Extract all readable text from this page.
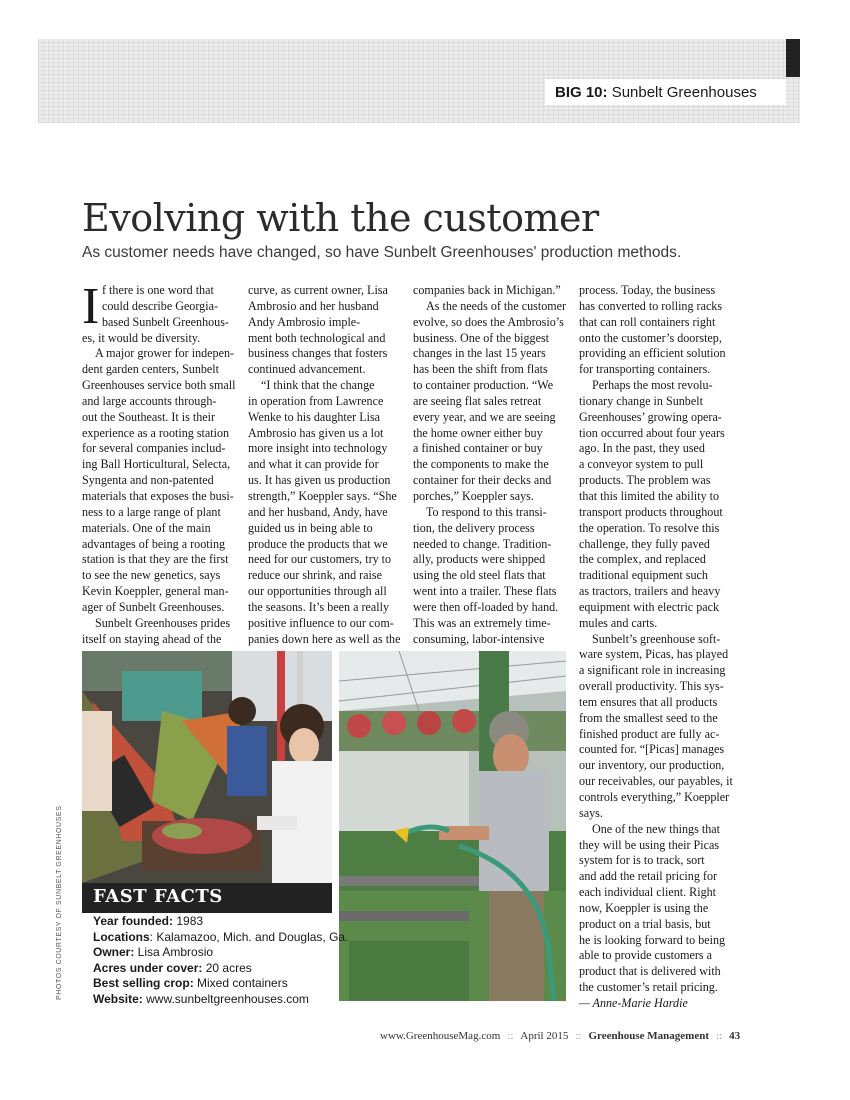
BIG 10: Sunbelt Greenhouses
Evolving with the customer
As customer needs have changed, so have Sunbelt Greenhouses' production methods.
I f there is one word that
could describe Georgia-
based Sunbelt Greenhous-
es, it would be diversity.
A major grower for indepen-
dent garden centers, Sunbelt
Greenhouses service both small
and large accounts through-
out the Southeast. It is their
experience as a rooting station
for several companies includ-
ing Ball Horticultural, Selecta,
Syngenta and non-patented
materials that exposes the busi-
ness to a large range of plant
materials. One of the main
advantages of being a rooting
station is that they are the first
to see the new genetics, says
Kevin Koeppler, general man-
ager of Sunbelt Greenhouses.
Sunbelt Greenhouses prides
itself on staying ahead of the
curve, as current owner, Lisa
Ambrosio and her husband
Andy Ambrosio imple-
ment both technological and
business changes that fosters
continued advancement.
“I think that the change
in operation from Lawrence
Wenke to his daughter Lisa
Ambrosio has given us a lot
more insight into technology
and what it can provide for
us. It has given us production
strength,” Koeppler says. “She
and her husband, Andy, have
guided us in being able to
produce the products that we
need for our customers, try to
reduce our shrink, and raise
our opportunities through all
the seasons. It’s been a really
positive influence to our com-
panies down here as well as the
companies back in Michigan.”
As the needs of the customer
evolve, so does the Ambrosio’s
business. One of the biggest
changes in the last 15 years
has been the shift from flats
to container production. “We
are seeing flat sales retreat
every year, and we are seeing
the home owner either buy
a finished container or buy
the components to make the
container for their decks and
porches,” Koeppler says.
To respond to this transi-
tion, the delivery process
needed to change. Tradition-
ally, products were shipped
using the old steel flats that
went into a trailer. These flats
were then off-loaded by hand.
This was an extremely time-
consuming, labor-intensive
process. Today, the business
has converted to rolling racks
that can roll containers right
onto the customer’s doorstep,
providing an efficient solution
for transporting containers.
Perhaps the most revolu-
tionary change in Sunbelt
Greenhouses’ growing opera-
tion occurred about four years
ago. In the past, they used
a conveyor system to pull
products. The problem was
that this limited the ability to
transport products throughout
the operation. To resolve this
challenge, they fully paved
the complex, and replaced
traditional equipment such
as tractors, trailers and heavy
equipment with electric pack
mules and carts.
Sunbelt’s greenhouse soft-
ware system, Picas, has played
a significant role in increasing
overall productivity. This sys-
tem ensures that all products
from the smallest seed to the
finished product are fully ac-
counted for. “[Picas] manages
our inventory, our production,
our receivables, our payables, it
controls everything,” Koeppler
says.
One of the new things that
they will be using their Picas
system for is to track, sort
and add the retail pricing for
each individual client. Right
now, Koeppler is using the
product on a trial basis, but
he is looking forward to being
able to provide customers a
product that is delivered with
the customer’s retail pricing.
— Anne-Marie Hardie
PHOTOS COURTESY OF SUNBELT GREENHOUSES FAST FACTS
Year founded: 1983
Locations: Kalamazoo, Mich. and Douglas, Ga.
Owner: Lisa Ambrosio
Acres under cover: 20 acres
Best selling crop: Mixed containers
Website: www.sunbeltgreenhouses.com
www.GreenhouseMag.com :: April 2015 :: Greenhouse Management :: 43
